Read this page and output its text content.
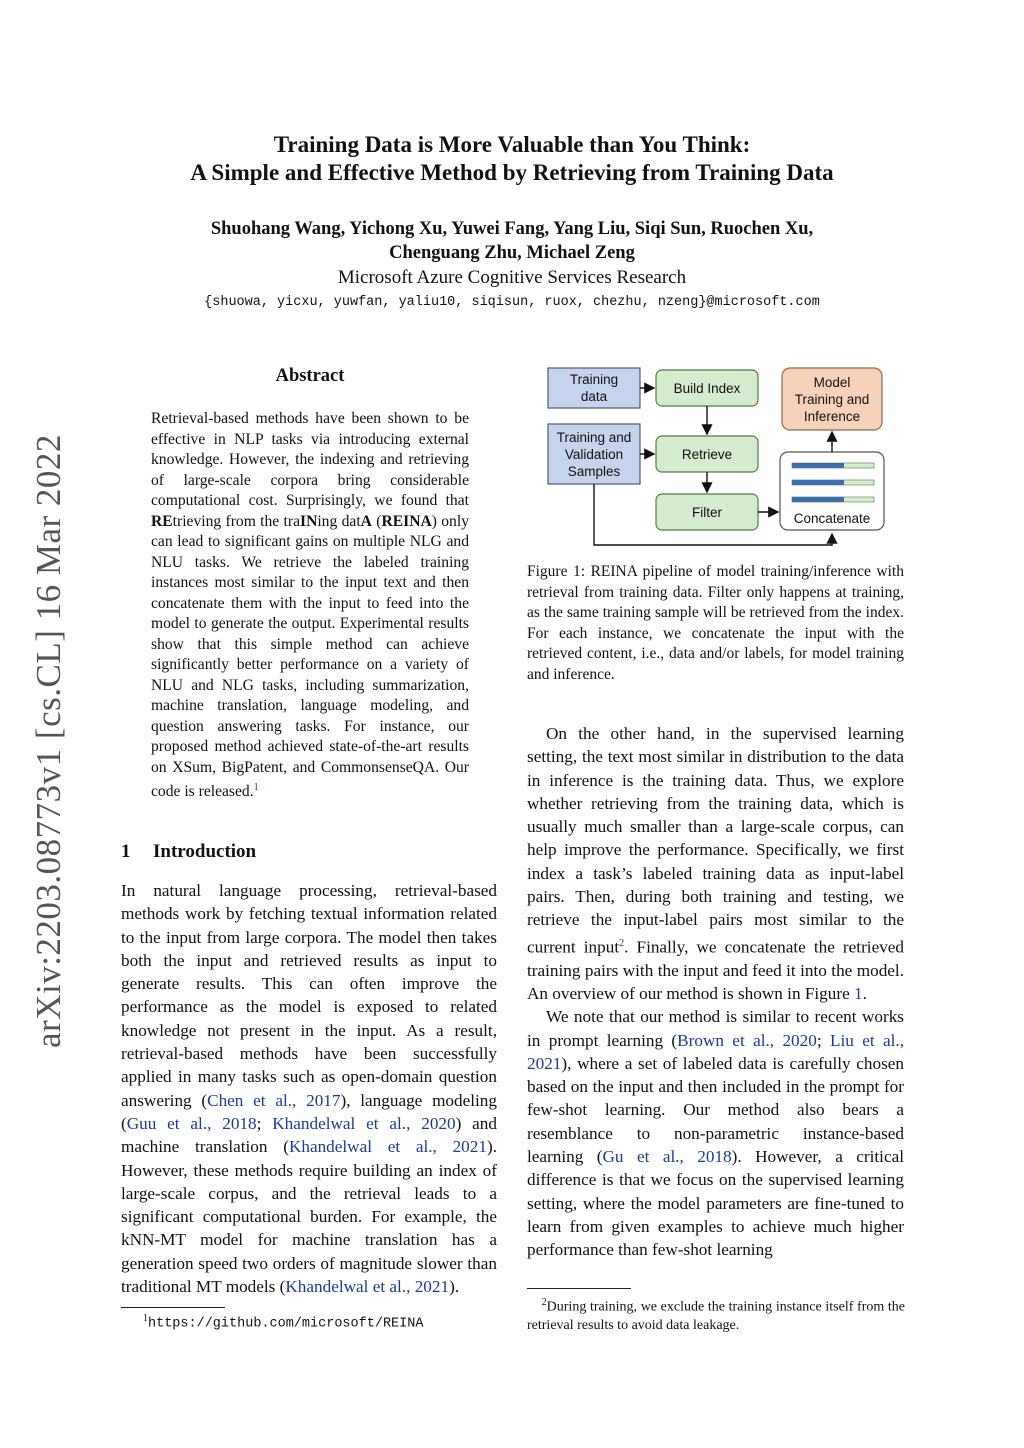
Training Data is More Valuable than You Think:
A Simple and Effective Method by Retrieving from Training Data
Shuohang Wang, Yichong Xu, Yuwei Fang, Yang Liu, Siqi Sun, Ruochen Xu,
Chenguang Zhu, Michael Zeng
Microsoft Azure Cognitive Services Research
{shuowa, yicxu, yuwfan, yaliu10, siqisun, ruox, chezhu, nzeng}@microsoft.com
arXiv:2203.08773v1 [cs.CL] 16 Mar 2022
Abstract
Retrieval-based methods have been shown to be effective in NLP tasks via introducing external knowledge. However, the indexing and retrieving of large-scale corpora bring considerable computational cost. Surprisingly, we found that REtrieving from the traINing datA (REINA) only can lead to significant gains on multiple NLG and NLU tasks. We retrieve the labeled training instances most similar to the input text and then concatenate them with the input to feed into the model to generate the output. Experimental results show that this simple method can achieve significantly better performance on a variety of NLU and NLG tasks, including summarization, machine translation, language modeling, and question answering tasks. For instance, our proposed method achieved state-of-the-art results on XSum, BigPatent, and CommonsenseQA. Our code is released.$^1$
1 Introduction
In natural language processing, retrieval-based methods work by fetching textual information related to the input from large corpora. The model then takes both the input and retrieved results as input to generate results. This can often improve the performance as the model is exposed to related knowledge not present in the input. As a result, retrieval-based methods have been successfully applied in many tasks such as open-domain question answering (Chen et al., 2017), language modeling (Guu et al., 2018; Khandelwal et al., 2020) and machine translation (Khandelwal et al., 2021). However, these methods require building an index of large-scale corpus, and the retrieval leads to a significant computational burden. For example, the kNN-MT model for machine translation has a generation speed two orders of magnitude slower than traditional MT models (Khandelwal et al., 2021).
$^1$https://github.com/microsoft/REINA
Training
data
Build Index	Model
Training and
Inference
Training and
Validation
Samples
Retrieve
Filter	Concatenate
Figure 1: REINA pipeline of model training/inference with retrieval from training data. Filter only happens at training, as the same training sample will be retrieved from the index. For each instance, we concatenate the input with the retrieved content, i.e., data and/or labels, for model training and inference.

On the other hand, in the supervised learning setting, the text most similar in distribution to the data in inference is the training data. Thus, we explore whether retrieving from the training data, which is usually much smaller than a large-scale corpus, can help improve the performance. Specifically, we first index a task’s labeled training data as input-label pairs. Then, during both training and testing, we retrieve the input-label pairs most similar to the current input$^2$. Finally, we concatenate the retrieved training pairs with the input and feed it into the model. An overview of our method is shown in Figure 1.

We note that our method is similar to recent works in prompt learning (Brown et al., 2020; Liu et al., 2021), where a set of labeled data is carefully chosen based on the input and then included in the prompt for few-shot learning. Our method also bears a resemblance to non-parametric instance-based learning (Gu et al., 2018). However, a critical difference is that we focus on the supervised learning setting, where the model parameters are fine-tuned to learn from given examples to achieve much higher performance than few-shot learning

$^2$During training, we exclude the training instance itself from the retrieval results to avoid data leakage.
